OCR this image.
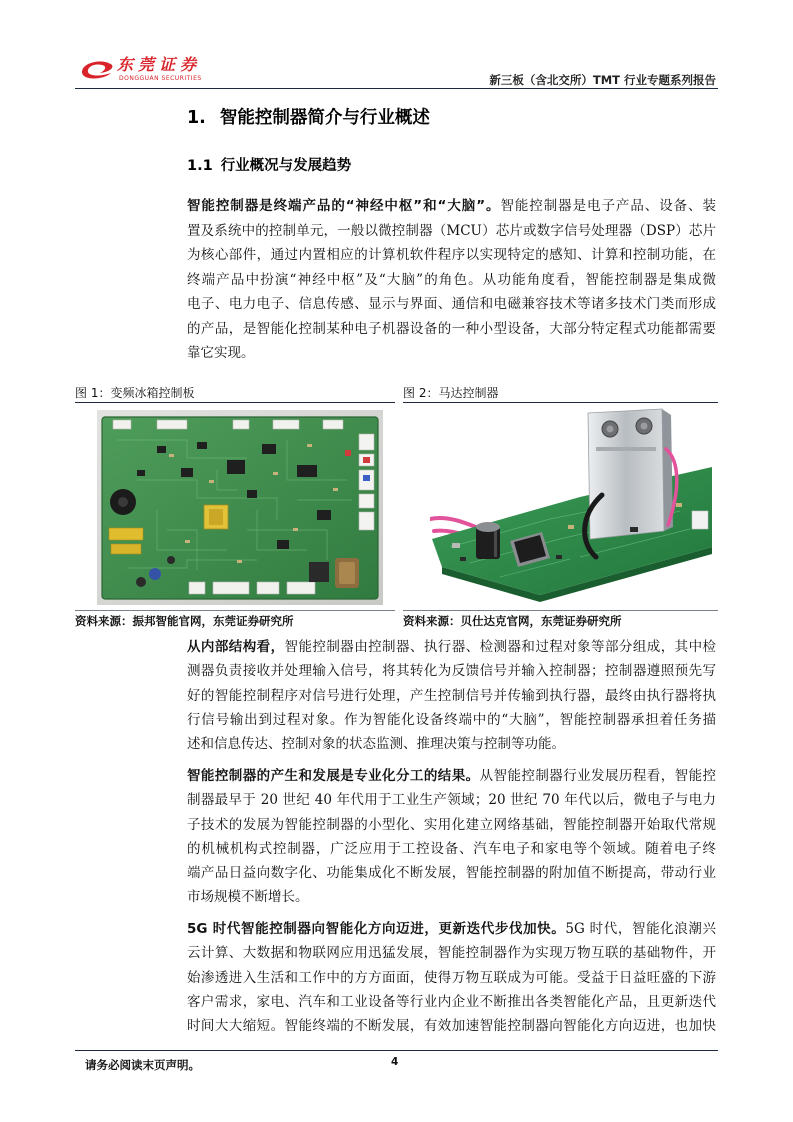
东莞证券
DONGGUAN SECURITIES	新三板（含北交所）TMT 行业专题系列报告
1. 智能控制器简介与行业概述
1.1 行业概况与发展趋势
智能控制器是终端产品的“神经中枢”和“大脑”。智能控制器是电子产品、设备、装
置及系统中的控制单元，一般以微控制器（MCU）芯片或数字信号处理器（DSP）芯片
为核心部件，通过内置相应的计算机软件程序以实现特定的感知、计算和控制功能，在
终端产品中扮演“神经中枢”及“大脑”的角色。从功能角度看，智能控制器是集成微
电子、电力电子、信息传感、显示与界面、通信和电磁兼容技术等诸多技术门类而形成
的产品，是智能化控制某种电子机器设备的一种小型设备，大部分特定程式功能都需要
靠它实现。
图 1：变频冰箱控制板
资料来源：振邦智能官网，东莞证券研究所
图 2：马达控制器
资料来源：贝仕达克官网，东莞证券研究所
从内部结构看，智能控制器由控制器、执行器、检测器和过程对象等部分组成，其中检
测器负责接收并处理输入信号，将其转化为反馈信号并输入控制器；控制器遵照预先写
好的智能控制程序对信号进行处理，产生控制信号并传输到执行器，最终由执行器将执
行信号输出到过程对象。作为智能化设备终端中的“大脑”，智能控制器承担着任务描
述和信息传达、控制对象的状态监测、推理决策与控制等功能。
智能控制器的产生和发展是专业化分工的结果。从智能控制器行业发展历程看，智能控
制器最早于 20 世纪 40 年代用于工业生产领域；20 世纪 70 年代以后，微电子与电力
子技术的发展为智能控制器的小型化、实用化建立网络基础，智能控制器开始取代常规
的机械机构式控制器，广泛应用于工控设备、汽车电子和家电等个领域。随着电子终
端产品日益向数字化、功能集成化不断发展，智能控制器的附加值不断提高，带动行业
市场规模不断增长。
5G 时代智能控制器向智能化方向迈进，更新迭代步伐加快。5G 时代，智能化浪潮兴
云计算、大数据和物联网应用迅猛发展，智能控制器作为实现万物互联的基础物件，开
始渗透进入生活和工作中的方方面面，使得万物互联成为可能。受益于日益旺盛的下游
客户需求，家电、汽车和工业设备等行业内企业不断推出各类智能化产品，且更新迭代
时间大大缩短。智能终端的不断发展，有效加速智能控制器向智能化方向迈进，也加快
请务必阅读末页声明。	4
